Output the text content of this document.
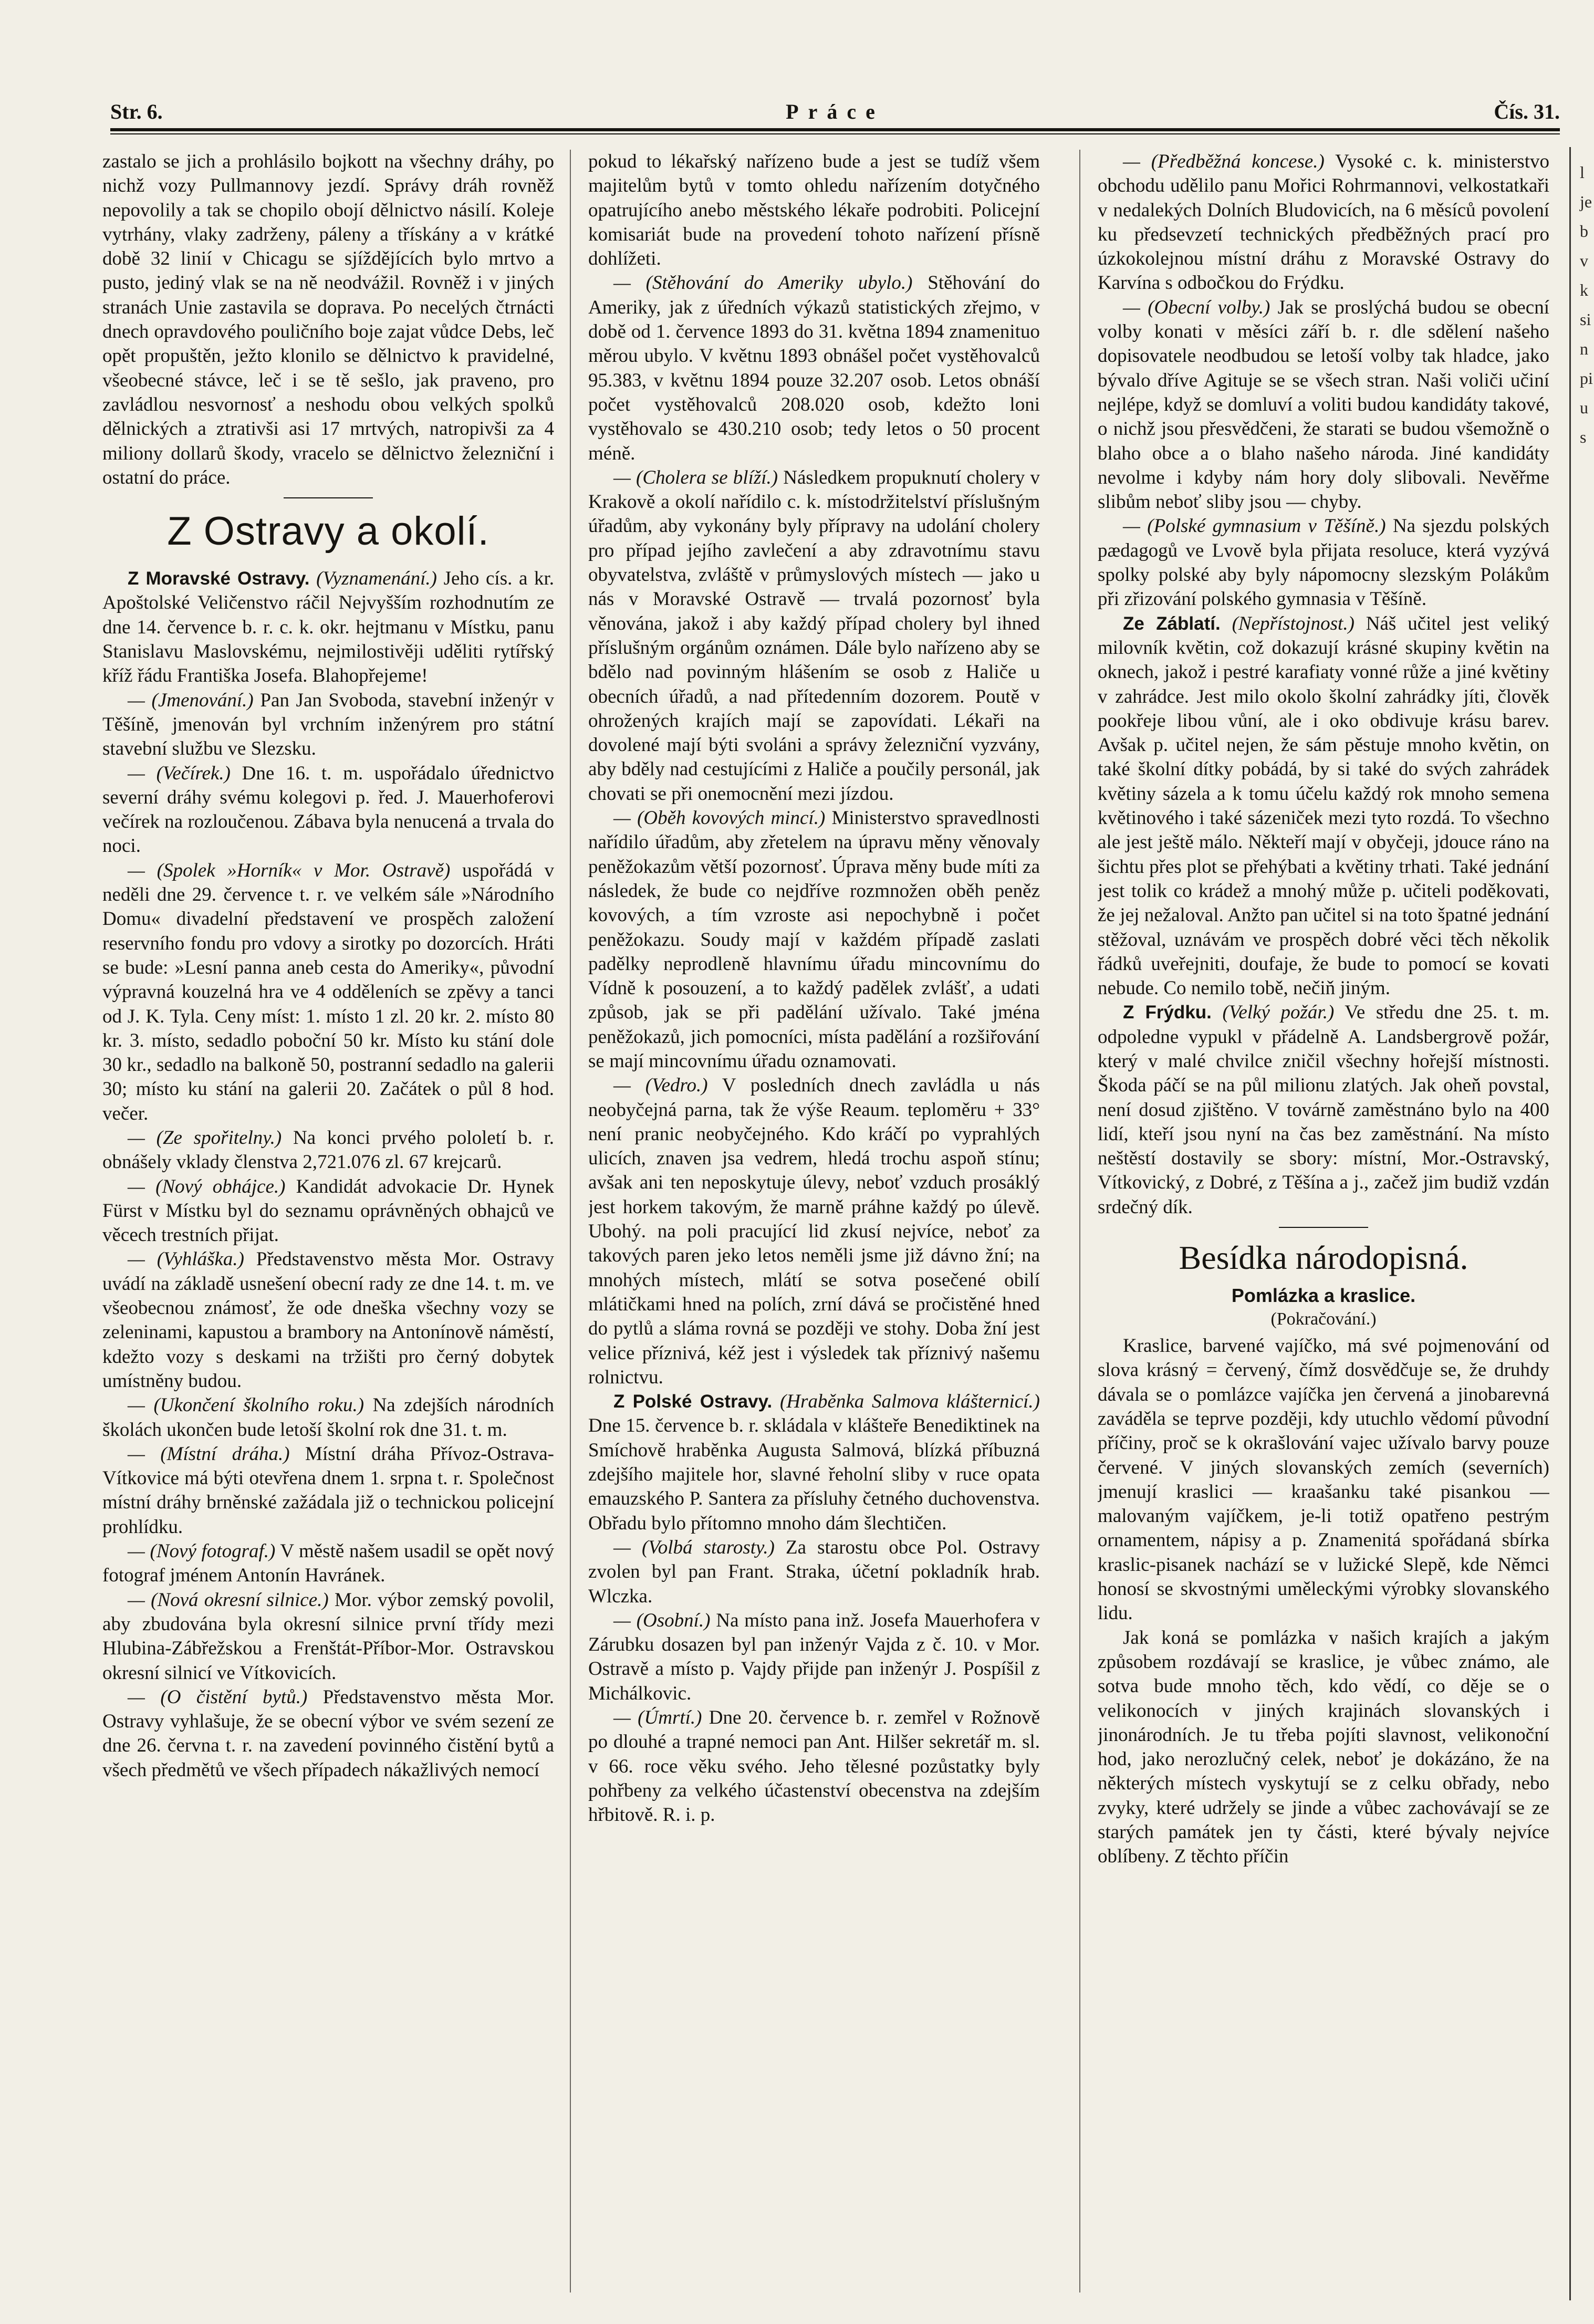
Str. 6.	Práce	Čís. 31.

zastalo se jich a prohlásilo bojkott na všechny dráhy, po nichž vozy Pullmannovy jezdí. Správy dráh rovněž nepovolily a tak se chopilo obojí dělnictvo násilí. Koleje vytrhány, vlaky zadrženy, páleny a třískány a v krátké době 32 linií v Chicagu se sjíždějících bylo mrtvo a pusto, jediný vlak se na ně neodvážil. Rovněž i v jiných stranách Unie zastavila se doprava. Po necelých čtrnácti dnech opravdového pouličního boje zajat vůdce Debs, leč opět propuštěn, ježto klonilo se dělnictvo k pravidelné, všeobecné stávce, leč i se tě sešlo, jak praveno, pro zavládlou nesvornosť a neshodu obou velkých spolků dělnických a ztrativši asi 17 mrtvých, natropivši za 4 miliony dollarů škody, vracelo se dělnictvo železniční i ostatní do práce.

Z Ostravy a okolí.

Z Moravské Ostravy. (Vyznamenání.) Jeho cís. a kr. Apoštolské Veličenstvo ráčil Nejvyšším rozhodnutím ze dne 14. července b. r. c. k. okr. hejtmanu v Místku, panu Stanislavu Maslovskému, nejmilostivěji uděliti rytířský kříž řádu Františka Josefa. Blahopřejeme!

— (Jmenování.) Pan Jan Svoboda, stavební inženýr v Těšíně, jmenován byl vrchním inženýrem pro státní stavební službu ve Slezsku.

— (Večírek.) Dne 16. t. m. uspořádalo úřednictvo severní dráhy svému kolegovi p. řed. J. Mauerhoferovi večírek na rozloučenou. Zábava byla nenucená a trvala do noci.

— (Spolek »Horník« v Mor. Ostravě) uspořádá v neděli dne 29. července t. r. ve velkém sále »Národního Domu« divadelní představení ve prospěch založení reservního fondu pro vdovy a sirotky po dozorcích. Hráti se bude: »Lesní panna aneb cesta do Ameriky«, původní výpravná kouzelná hra ve 4 odděleních se zpěvy a tanci od J. K. Tyla. Ceny míst: 1. místo 1 zl. 20 kr. 2. místo 80 kr. 3. místo, sedadlo poboční 50 kr. Místo ku stání dole 30 kr., sedadlo na balkoně 50, postranní sedadlo na galerii 30; místo ku stání na galerii 20. Začátek o půl 8 hod. večer.

— (Ze spořitelny.) Na konci prvého pololetí b. r. obnášely vklady členstva 2,721.076 zl. 67 krejcarů.

— (Nový obhájce.) Kandidát advokacie Dr. Hynek Fürst v Místku byl do seznamu oprávněných obhajců ve věcech trestních přijat.

— (Vyhláška.) Představenstvo města Mor. Ostravy uvádí na základě usnešení obecní rady ze dne 14. t. m. ve všeobecnou známosť, že ode dneška všechny vozy se zeleninami, kapustou a brambory na Antonínově náměstí, kdežto vozy s deskami na tržišti pro černý dobytek umístněny budou.

— (Ukončení školního roku.) Na zdejších národních školách ukončen bude letoší školní rok dne 31. t. m.

— (Místní dráha.) Místní dráha Přívoz-Ostrava-Vítkovice má býti otevřena dnem 1. srpna t. r. Společnost místní dráhy brněnské zažádala již o technickou policejní prohlídku.

— (Nový fotograf.) V městě našem usadil se opět nový fotograf jménem Antonín Havránek.

— (Nová okresní silnice.) Mor. výbor zemský povolil, aby zbudována byla okresní silnice první třídy mezi Hlubina-Zábřežskou a Frenštát-Příbor-Mor. Ostravskou okresní silnicí ve Vítkovicích.

— (O čistění bytů.) Představenstvo města Mor. Ostravy vyhlašuje, že se obecní výbor ve svém sezení ze dne 26. června t. r. na zavedení povinného čistění bytů a všech předmětů ve všech případech nákažlivých nemocí

pokud to lékařský nařízeno bude a jest se tudíž všem majitelům bytů v tomto ohledu nařízením dotyčného opatrujícího anebo městského lékaře podrobiti. Policejní komisariát bude na provedení tohoto nařízení přísně dohlížeti.

— (Stěhování do Ameriky ubylo.) Stěhování do Ameriky, jak z úředních výkazů statistických zřejmo, v době od 1. července 1893 do 31. května 1894 znamenituo měrou ubylo. V květnu 1893 obnášel počet vystěhovalců 95.383, v květnu 1894 pouze 32.207 osob. Letos obnáší počet vystěhovalců 208.020 osob, kdežto loni vystěhovalo se 430.210 osob; tedy letos o 50 procent méně.

— (Cholera se blíží.) Následkem propuknutí cholery v Krakově a okolí nařídilo c. k. místodržitelství příslušným úřadům, aby vykonány byly přípravy na udolání cholery pro případ jejího zavlečení a aby zdravotnímu stavu obyvatelstva, zvláště v průmyslových místech — jako u nás v Moravské Ostravě — trvalá pozornosť byla věnována, jakož i aby každý případ cholery byl ihned příslušným orgánům oznámen. Dále bylo nařízeno aby se bdělo nad povinným hlášením se osob z Haliče u obecních úřadů, a nad přítedenním dozorem. Poutě v ohrožených krajích mají se zapovídati. Lékaři na dovolené mají býti svoláni a správy železniční vyzvány, aby bděly nad cestujícími z Haliče a poučily personál, jak chovati se při onemocnění mezi jízdou.

— (Oběh kovových mincí.) Ministerstvo spravedlnosti nařídilo úřadům, aby zřetelem na úpravu měny věnovaly peněžokazům větší pozornosť. Úprava měny bude míti za následek, že bude co nejdříve rozmnožen oběh peněz kovových, a tím vzroste asi nepochybně i počet peněžokazu. Soudy mají v každém případě zaslati padělky neprodleně hlavnímu úřadu mincovnímu do Vídně k posouzení, a to každý padělek zvlášť, a udati způsob, jak se při padělání užívalo. Také jména peněžokazů, jich pomocníci, místa padělání a rozšiřování se mají mincovnímu úřadu oznamovati.

— (Vedro.) V posledních dnech zavládla u nás neobyčejná parna, tak že výše Reaum. teploměru + 33° není pranic neobyčejného. Kdo kráčí po vyprahlých ulicích, znaven jsa vedrem, hledá trochu aspoň stínu; avšak ani ten neposkytuje úlevy, neboť vzduch prosáklý jest horkem takovým, že marně práhne každý po úlevě. Ubohý. na poli pracující lid zkusí nejvíce, neboť za takových paren jeko letos neměli jsme již dávno žní; na mnohých místech, mlátí se sotva posečené obilí mlátičkami hned na polích, zrní dává se pročistěné hned do pytlů a sláma rovná se později ve stohy. Doba žní jest velice příznivá, kéž jest i výsledek tak příznivý našemu rolnictvu.

Z Polské Ostravy. (Hraběnka Salmova klášternicí.) Dne 15. července b. r. skládala v klášteře Benediktinek na Smíchově hraběnka Augusta Salmová, blízká příbuzná zdejšího majitele hor, slavné řeholní sliby v ruce opata emauzského P. Santera za přísluhy četného duchovenstva. Obřadu bylo přítomno mnoho dám šlechtičen.

— (Volbá starosty.) Za starostu obce Pol. Ostravy zvolen byl pan Frant. Straka, účetní pokladník hrab. Wlczka.

— (Osobní.) Na místo pana inž. Josefa Mauerhofera v Zárubku dosazen byl pan inženýr Vajda z č. 10. v Mor. Ostravě a místo p. Vajdy přijde pan inženýr J. Pospíšil z Michálkovic.

— (Úmrtí.) Dne 20. července b. r. zemřel v Rožnově po dlouhé a trapné nemoci pan Ant. Hilšer sekretář m. sl. v 66. roce věku svého. Jeho tělesné pozůstatky byly pohřbeny za velkého účastenství obecenstva na zdejším hřbitově. R. i. p.

— (Předběžná koncese.) Vysoké c. k. ministerstvo obchodu udělilo panu Mořici Rohrmannovi, velkostatkaři v nedalekých Dolních Bludovicích, na 6 měsíců povolení ku předsevzetí technických předběžných prací pro úzkokolejnou místní dráhu z Moravské Ostravy do Karvína s odbočkou do Frýdku.

— (Obecní volby.) Jak se proslýchá budou se obecní volby konati v měsíci září b. r. dle sdělení našeho dopisovatele neodbudou se letoší volby tak hladce, jako bývalo dříve Agituje se se všech stran. Naši voliči učiní nejlépe, když se domluví a voliti budou kandidáty takové, o nichž jsou přesvědčeni, že starati se budou všemožně o blaho obce a o blaho našeho národa. Jiné kandidáty nevolme i kdyby nám hory doly slibovali. Nevěřme slibům neboť sliby jsou — chyby.

— (Polské gymnasium v Těšíně.) Na sjezdu polských pædagogů ve Lvově byla přijata resoluce, která vyzývá spolky polské aby byly nápomocny slezským Polákům při zřizování polského gymnasia v Těšíně.

Ze Záblatí. (Nepřístojnost.) Náš učitel jest veliký milovník květin, což dokazují krásné skupiny květin na oknech, jakož i pestré karafiaty vonné růže a jiné květiny v zahrádce. Jest milo okolo školní zahrádky jíti, člověk pookřeje libou vůní, ale i oko obdivuje krásu barev. Avšak p. učitel nejen, že sám pěstuje mnoho květin, on také školní dítky pobádá, by si také do svých zahrádek květiny sázela a k tomu účelu každý rok mnoho semena květinového i také sázeniček mezi tyto rozdá. To všechno ale jest ještě málo. Někteří mají v obyčeji, jdouce ráno na šichtu přes plot se přehýbati a květiny trhati. Také jednání jest tolik co krádež a mnohý může p. učiteli poděkovati, že jej nežaloval. Anžto pan učitel si na toto špatné jednání stěžoval, uznávám ve prospěch dobré věci těch několik řádků uveřejniti, doufaje, že bude to pomocí se kovati nebude. Co nemilo tobě, nečiň jiným.

Z Frýdku. (Velký požár.) Ve středu dne 25. t. m. odpoledne vypukl v přádelně A. Landsbergrově požár, který v malé chvilce zničil všechny hořejší místnosti. Škoda páčí se na půl milionu zlatých. Jak oheň povstal, není dosud zjištěno. V továrně zaměstnáno bylo na 400 lidí, kteří jsou nyní na čas bez zaměstnání. Na místo neštěstí dostavily se sbory: místní, Mor.-Ostravský, Vítkovický, z Dobré, z Těšína a j., začež jim budiž vzdán srdečný dík.

Besídka národopisná.
Pomlázka a kraslice.
(Pokračování.)

Kraslice, barvené vajíčko, má své pojmenování od slova krásný = červený, čímž dosvědčuje se, že druhdy dávala se o pomlázce vajíčka jen červená a jinobarevná zaváděla se teprve později, kdy utuchlo vědomí původní příčiny, proč se k okrašlování vajec užívalo barvy pouze červené. V jiných slovanských zemích (severních) jmenují kraslici — kraašanku také pisankou — malovaným vajíčkem, je-li totiž opatřeno pestrým ornamentem, nápisy a p. Znamenitá spořádaná sbírka kraslic-pisanek nachází se v lužické Slepě, kde Němci honosí se skvostnými uměleckými výrobky slovanského lidu.

Jak koná se pomlázka v našich krajích a jakým způsobem rozdávají se kraslice, je vůbec známo, ale sotva bude mnoho těch, kdo vědí, co děje se o velikonocích v jiných krajinách slovanských i jinonárodních. Je tu třeba pojíti slavnost, velikonoční hod, jako nerozlučný celek, neboť je dokázáno, že na některých místech vyskytují se z celku obřady, nebo zvyky, které udržely se jinde a vůbec zachovávají se ze starých památek jen ty části, které bývaly nejvíce oblíbeny. Z těchto příčin

l
je
b
v
k
si
n
pi
u
s
